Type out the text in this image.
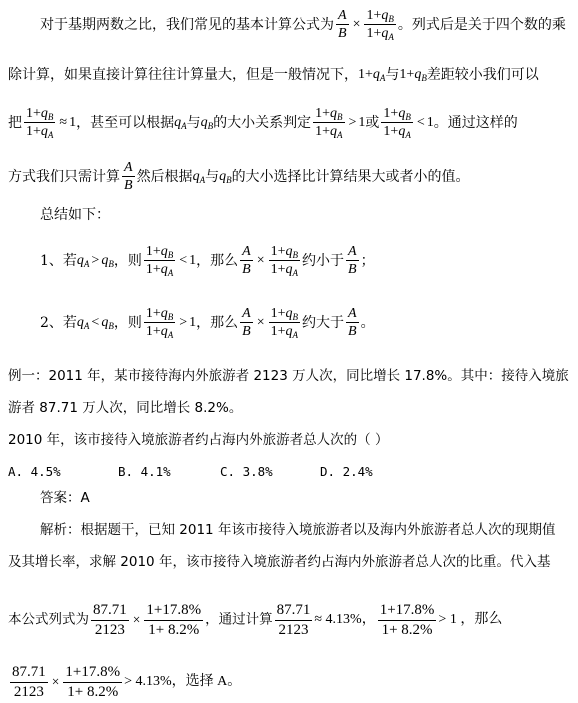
对于基期两数之比，我们常见的基本计算公式为 $\frac{A}{B} \times \frac{1+q_B}{1+q_A}$ 。列式后是关于四个数的乘
除计算，如果直接计算往往计算量大，但是一般情况下，$1+q_A$与$1+q_B$差距较小我们可以
把 $\frac{1+q_B}{1+q_A} \approx 1$，甚至可以根据$q_A$与$q_B$的大小关系判定 $\frac{1+q_B}{1+q_A} > 1$或 $\frac{1+q_B}{1+q_A} < 1$。通过这样的
方式我们只需计算 $\frac{A}{B}$ 然后根据$q_A$与$q_B$的大小选择比计算结果大或者小的值。
总结如下：
1、若$q_A > q_B$，则 $\frac{1+q_B}{1+q_A} < 1$，那么 $\frac{A}{B} \times \frac{1+q_B}{1+q_A}$ 约小于 $\frac{A}{B}$ ；
2、若$q_A < q_B$，则 $\frac{1+q_B}{1+q_A} > 1$，那么 $\frac{A}{B} \times \frac{1+q_B}{1+q_A}$ 约大于 $\frac{A}{B}$ 。
例一：2011 年，某市接待海内外旅游者 2123 万人次，同比增长 17.8%。其中：接待入境旅
游者 87.71 万人次，同比增长 8.2%。
2010 年，该市接待入境旅游者约占海内外旅游者总人次的（ ）
A. 4.5%	B. 4.1%	C. 3.8%	D. 2.4%
答案：A
解析：根据题干，已知 2011 年该市接待入境旅游者以及海内外旅游者总人次的现期值
及其增长率，求解 2010 年，该市接待入境旅游者约占海内外旅游者总人次的比重。代入基
本公式列式为 $\frac{87.71}{2123} \times \frac{1+17.8\%}{1+ 8.2\%}$ ，通过计算 $\frac{87.71}{2123} \approx 4.13\%$， $\frac{1+17.8\%}{1+ 8.2\%} > 1$ ，那么
$\frac{87.71}{2123} \times \frac{1+17.8\%}{1+ 8.2\%} > 4.13\%$，选择 A。
